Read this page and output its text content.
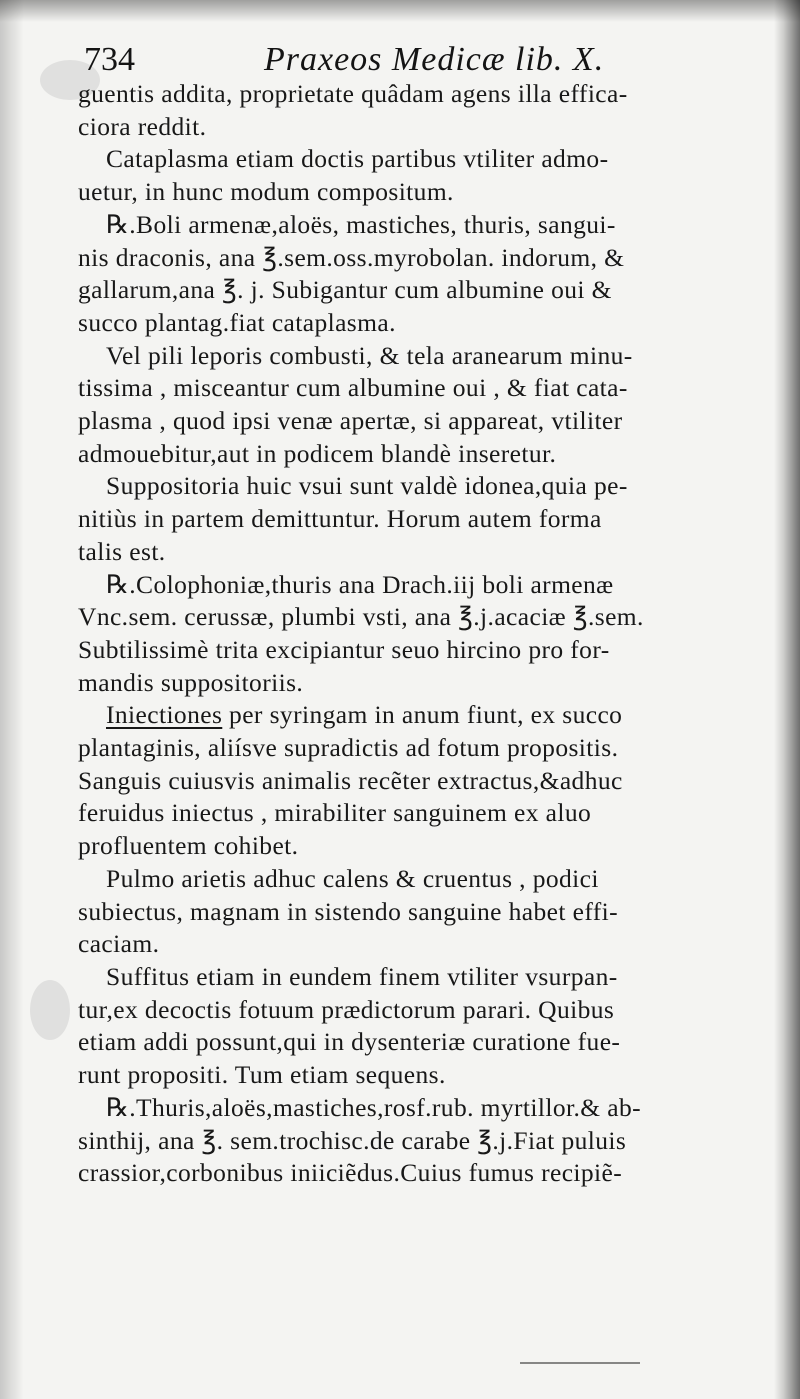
734	Praxeos Medicæ lib. X.

guentis addita, proprietate quâdam agens illa effica-
ciora reddit.

Cataplasma etiam doctis partibus vtiliter admo-
uetur, in hunc modum compositum.

℞.Boli armenæ,aloës, mastiches, thuris, sangui-
nis draconis, ana ℥.sem.oss.myrobolan. indorum, &
gallarum,ana ℥. j. Subigantur cum albumine oui &
succo plantag.fiat cataplasma.

Vel pili leporis combusti, & tela aranearum minu-
tissima , misceantur cum albumine oui , & fiat cata-
plasma , quod ipsi venæ apertæ, si appareat, vtiliter
admouebitur,aut in podicem blandè inseretur.

Suppositoria huic vsui sunt valdè idonea,quia pe-
nitiùs in partem demittuntur. Horum autem forma
talis est.

℞.Colophoniæ,thuris ana Drach.iij boli armenæ
Vnc.sem. cerussæ, plumbi vsti, ana ℥.j.acaciæ ℥.sem.
Subtilissimè trita excipiantur seuo hircino pro for-
mandis suppositoriis.

Iniectiones per syringam in anum fiunt, ex succo
plantaginis, aliísve supradictis ad fotum propositis.
Sanguis cuiusvis animalis recẽter extractus,&adhuc
feruidus iniectus , mirabiliter sanguinem ex aluo
profluentem cohibet.

Pulmo arietis adhuc calens & cruentus , podici
subiectus, magnam in sistendo sanguine habet effi-
caciam.

Suffitus etiam in eundem finem vtiliter vsurpan-
tur,ex decoctis fotuum prædictorum parari. Quibus
etiam addi possunt,qui in dysenteriæ curatione fue-
runt propositi. Tum etiam sequens.

℞.Thuris,aloës,mastiches,rosf.rub. myrtillor.& ab-
sinthij, ana ℥. sem.trochisc.de carabe ℥.j.Fiat puluis
crassior,corbonibus iniiciẽdus.Cuius fumus recipiẽ-
